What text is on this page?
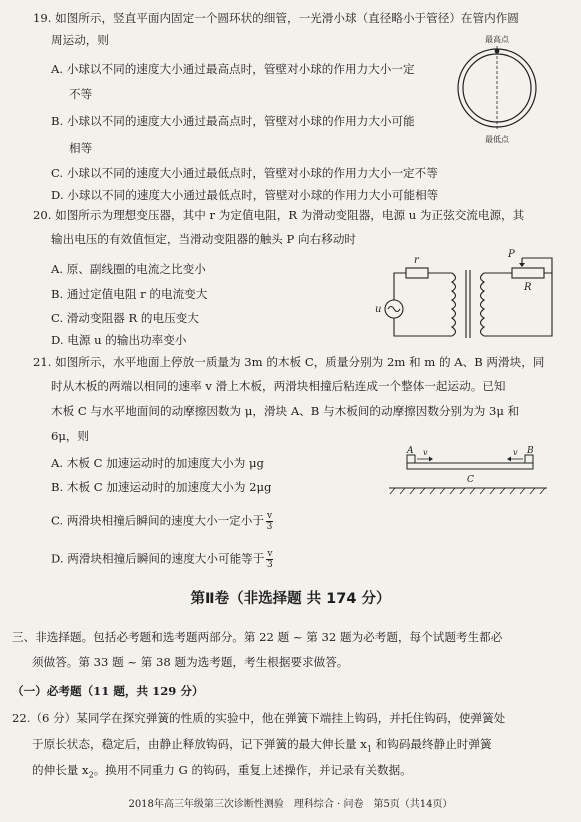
19. 如图所示，竖直平面内固定一个圆环状的细管，一光滑小球（直径略小于管径）在管内作圆
周运动，则
A. 小球以不同的速度大小通过最高点时，管壁对小球的作用力大小一定
不等
B. 小球以不同的速度大小通过最高点时，管壁对小球的作用力大小可能
相等
C. 小球以不同的速度大小通过最低点时，管壁对小球的作用力大小一定不等
D. 小球以不同的速度大小通过最低点时，管壁对小球的作用力大小可能相等
最高点
最低点
20. 如图所示为理想变压器，其中 r 为定值电阻，R 为滑动变阻器，电源 u 为正弦交流电源，其
输出电压的有效值恒定，当滑动变阻器的触头 P 向右移动时
A. 原、副线圈的电流之比变小
B. 通过定值电阻 r 的电流变大
C. 滑动变阻器 R 的电压变大
D. 电源 u 的输出功率变小
r
u
P
R
21. 如图所示，水平地面上停放一质量为 3m 的木板 C，质量分别为 2m 和 m 的 A、B 两滑块，同
时从木板的两端以相同的速率 v 滑上木板，两滑块相撞后粘连成一个整体一起运动。已知
木板 C 与水平地面间的动摩擦因数为 μ，滑块 A、B 与木板间的动摩擦因数分别为为 3μ 和
6μ，则
A. 木板 C 加速运动时的加速度大小为 μg
B. 木板 C 加速运动时的加速度大小为 2μg
C. 两滑块相撞后瞬间的速度大小一定小于 $\frac{v}{3}$
D. 两滑块相撞后瞬间的速度大小可能等于 $\frac{v}{3}$
A	B
v	v
C
第Ⅱ卷（非选择题 共 174 分）
三、非选择题。包括必考题和选考题两部分。第 22 题 ~ 第 32 题为必考题，每个试题考生都必
须做答。第 33 题 ~ 第 38 题为选考题，考生根据要求做答。
（一）必考题（11 题，共 129 分）
22.（6 分）某同学在探究弹簧的性质的实验中，他在弹簧下端挂上钩码，并托住钩码，使弹簧处
于原长状态，稳定后，由静止释放钩码，记下弹簧的最大伸长量 $x_1$ 和钩码最终静止时弹簧
的伸长量 $x_2$。换用不同重力 G 的钩码，重复上述操作，并记录有关数据。
2018年高三年级第三次诊断性测验　理科综合 · 问卷　第5页（共14页）
